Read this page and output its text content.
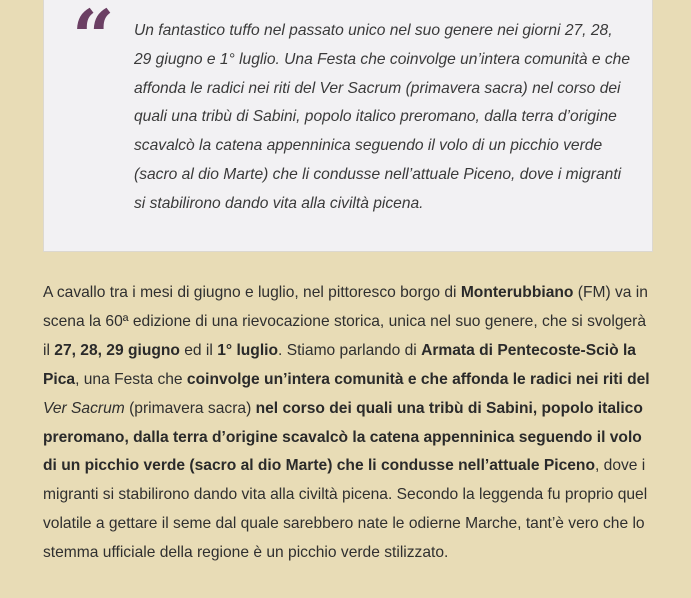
“ Un fantastico tuffo nel passato unico nel suo genere nei giorni 27, 28, 29 giugno e 1° luglio. Una Festa che coinvolge un’intera comunità e che affonda le radici nei riti del Ver Sacrum (primavera sacra) nel corso dei quali una tribù di Sabini, popolo italico preromano, dalla terra d’origine scavalcò la catena appenninica seguendo il volo di un picchio verde (sacro al dio Marte) che li condusse nell’attuale Piceno, dove i migranti si stabilirono dando vita alla civiltà picena.

A cavallo tra i mesi di giugno e luglio, nel pittoresco borgo di Monterubbiano (FM) va in scena la 60ª edizione di una rievocazione storica, unica nel suo genere, che si svolgerà il 27, 28, 29 giugno ed il 1° luglio. Stiamo parlando di Armata di Pentecoste-Sciò la Pica, una Festa che coinvolge un’intera comunità e che affonda le radici nei riti del Ver Sacrum (primavera sacra) nel corso dei quali una tribù di Sabini, popolo italico preromano, dalla terra d’origine scavalcò la catena appenninica seguendo il volo di un picchio verde (sacro al dio Marte) che li condusse nell’attuale Piceno, dove i migranti si stabilirono dando vita alla civiltà picena. Secondo la leggenda fu proprio quel volatile a gettare il seme dal quale sarebbero nate le odierne Marche, tant’è vero che lo stemma ufficiale della regione è un picchio verde stilizzato.
